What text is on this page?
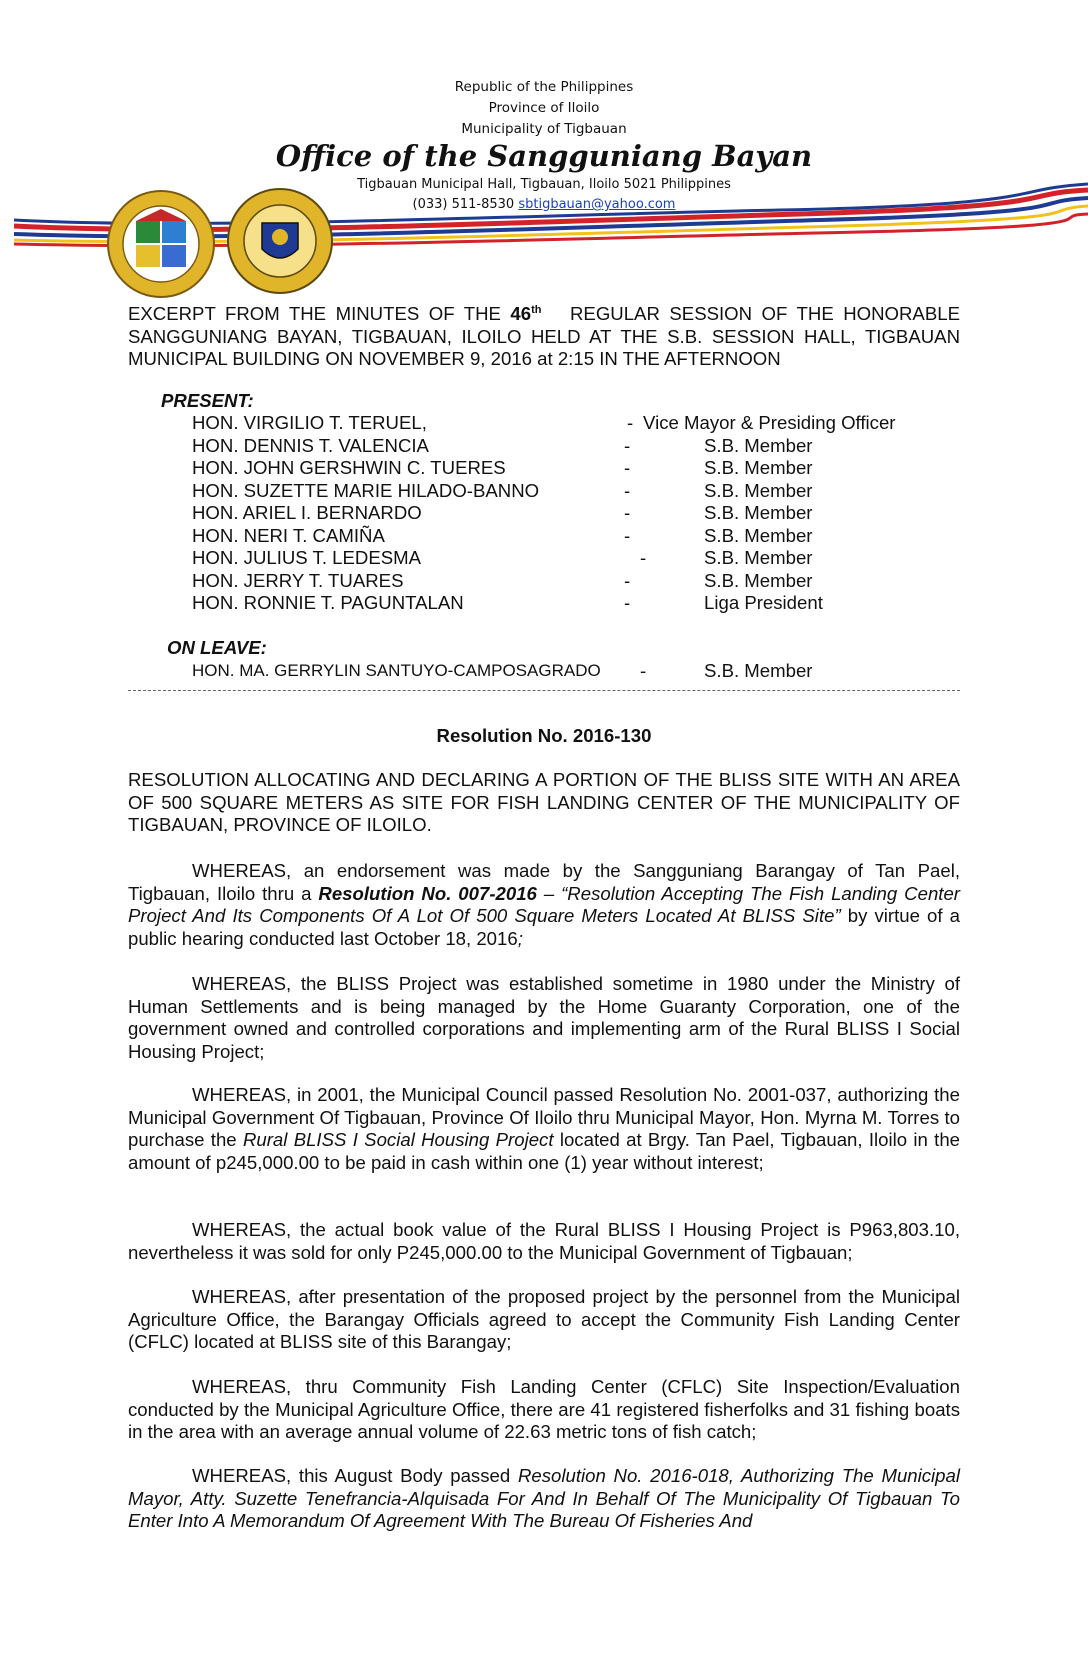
Republic of the Philippines
Province of Iloilo
Municipality of Tigbauan
Office of the Sangguniang Bayan
Tigbauan Municipal Hall, Tigbauan, Iloilo 5021 Philippines
(033) 511-8530 sbtigbauan@yahoo.com
EXCERPT FROM THE MINUTES OF THE 46th   REGULAR SESSION OF THE HONORABLE SANGGUNIANG BAYAN, TIGBAUAN, ILOILO HELD AT THE S.B. SESSION HALL, TIGBAUAN MUNICIPAL BUILDING ON NOVEMBER 9, 2016 at 2:15 IN THE AFTERNOON
PRESENT:
HON. VIRGILIO T. TERUEL,	- Vice Mayor & Presiding Officer
HON. DENNIS T. VALENCIA	-	S.B. Member
HON. JOHN GERSHWIN C. TUERES	-	S.B. Member
HON. SUZETTE MARIE HILADO-BANNO	-	S.B. Member
HON. ARIEL I. BERNARDO	-	S.B. Member
HON. NERI T. CAMIÑA	-	S.B. Member
HON. JULIUS T. LEDESMA	-	S.B. Member
HON. JERRY T. TUARES	-	S.B. Member
HON. RONNIE T. PAGUNTALAN	-	Liga President
ON LEAVE:
HON. MA. GERRYLIN SANTUYO-CAMPOSAGRADO -	S.B. Member
Resolution No. 2016-130
RESOLUTION ALLOCATING AND DECLARING A PORTION OF THE BLISS SITE WITH AN AREA OF 500 SQUARE METERS AS SITE FOR FISH LANDING CENTER OF THE MUNICIPALITY OF TIGBAUAN, PROVINCE OF ILOILO.
WHEREAS, an endorsement was made by the Sangguniang Barangay of Tan Pael, Tigbauan, Iloilo thru a Resolution No. 007-2016 – “Resolution Accepting The Fish Landing Center Project And Its Components Of A Lot Of 500 Square Meters Located At BLISS Site” by virtue of a public hearing conducted last October 18, 2016;
WHEREAS, the BLISS Project was established sometime in 1980 under the Ministry of Human Settlements and is being managed by the Home Guaranty Corporation, one of the government owned and controlled corporations and implementing arm of the Rural BLISS I Social Housing Project;
WHEREAS, in 2001, the Municipal Council passed Resolution No. 2001-037, authorizing the Municipal Government Of Tigbauan, Province Of Iloilo thru Municipal Mayor, Hon. Myrna M. Torres to purchase the Rural BLISS I Social Housing Project located at Brgy. Tan Pael, Tigbauan, Iloilo in the amount of p245,000.00 to be paid in cash within one (1) year without interest;
WHEREAS, the actual book value of the Rural BLISS I Housing Project is P963,803.10, nevertheless it was sold for only P245,000.00 to the Municipal Government of Tigbauan;
WHEREAS, after presentation of the proposed project by the personnel from the Municipal Agriculture Office, the Barangay Officials agreed to accept the Community Fish Landing Center (CFLC) located at BLISS site of this Barangay;
WHEREAS, thru Community Fish Landing Center (CFLC) Site Inspection/Evaluation conducted by the Municipal Agriculture Office, there are 41 registered fisherfolks and 31 fishing boats in the area with an average annual volume of 22.63 metric tons of fish catch;
WHEREAS, this August Body passed Resolution No. 2016-018, Authorizing The Municipal Mayor, Atty. Suzette Tenefrancia-Alquisada For And In Behalf Of The Municipality Of Tigbauan To Enter Into A Memorandum Of Agreement With The Bureau Of Fisheries And
